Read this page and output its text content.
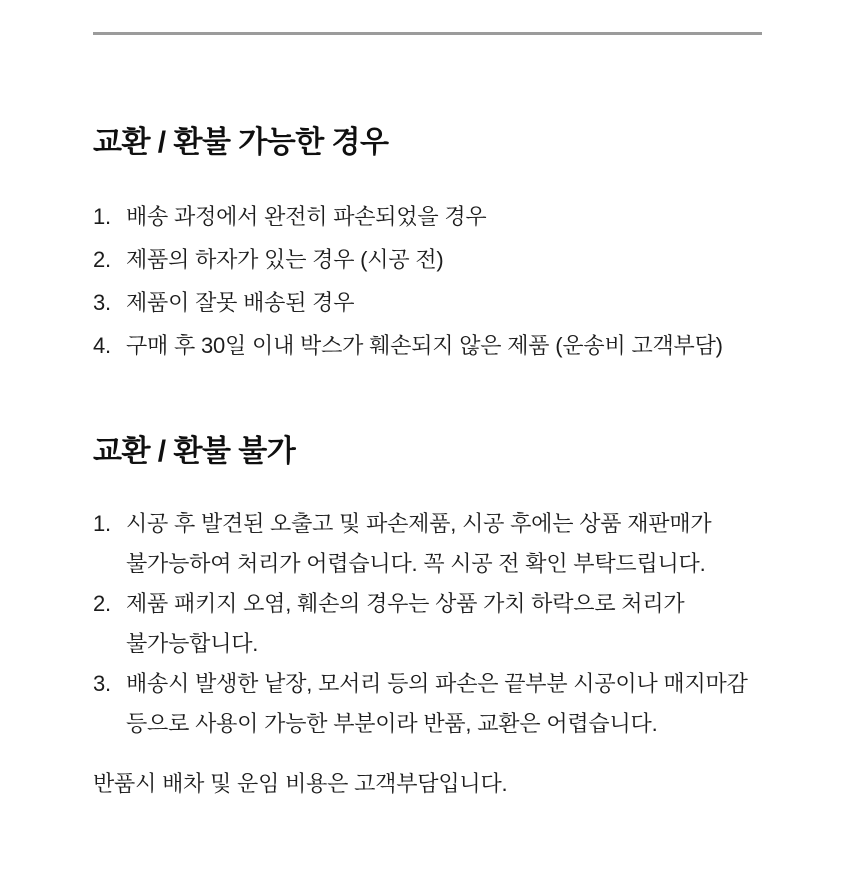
교환 / 환불 가능한 경우
1. 배송 과정에서 완전히 파손되었을 경우
2. 제품의 하자가 있는 경우 (시공 전)
3. 제품이 잘못 배송된 경우
4. 구매 후 30일 이내 박스가 훼손되지 않은 제품 (운송비 고객부담)
교환 / 환불 불가
1. 시공 후 발견된 오출고 및 파손제품, 시공 후에는 상품 재판매가
불가능하여 처리가 어렵습니다. 꼭 시공 전 확인 부탁드립니다.
2. 제품 패키지 오염, 훼손의 경우는 상품 가치 하락으로 처리가
불가능합니다.
3. 배송시 발생한 낱장, 모서리 등의 파손은 끝부분 시공이나 매지마감
등으로 사용이 가능한 부분이라 반품, 교환은 어렵습니다.

반품시 배차 및 운임 비용은 고객부담입니다.
